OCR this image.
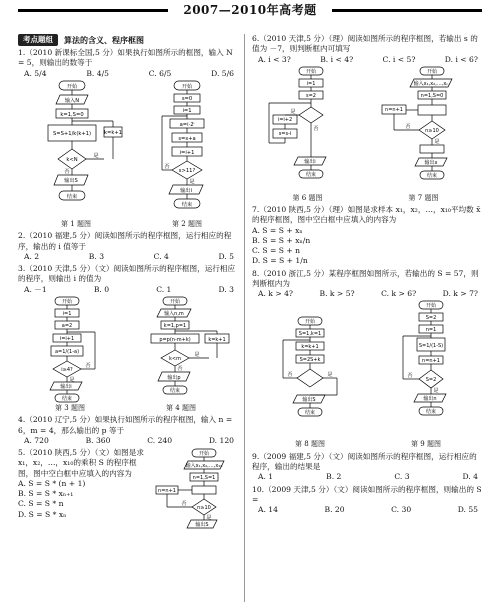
2007—2010年高考题
考点题组	算法的含义、程序框图

1.（2010 新课标全国,5 分）如果执行如图所示的框图，输入 N = 5，则输出的数等于

A. 5/4	B. 4/5	C. 6/5	D. 5/6
开始
输入N
k=1,S=0
S=S+1/k(k+1) k=k+1
k<N
是
否
输出S
结束
第 1 题图
开始
s=0
i=1
a=i·2ⁱ
s=s+a
i=i+1
s>11?
否
是
输出i
结束
第 2 题图

2.（2010 福建,5 分）阅读如图所示的程序框图，运行相应的程序，输出的 i 值等于

A. 2	B. 3	C. 4	D. 5

3.（2010 天津,5 分）（文）阅读如图所示的程序框图，运行相应的程序，则输出 i 的值为

A. －1	B. 0	C. 1	D. 3
开始
i=1
a=2
i=i+1
a=1/(1-a)
i≥4?
否
是
输出i
结束
第 3 题图
开始
输入n,m
k=1,p=1
p=p(n-m+k)	k=k+1
k<m
是
否
输出p
结束
第 4 题图

4.（2010 辽宁,5 分）如果执行如图所示的程序框图，输入 n = 6，m = 4，那么输出的 p 等于

A. 720	B. 360	C. 240	D. 120

5.（2010 陕西,5 分）（文）如图是求 x₁，x₂，…，x₁₀的乘积 S 的程序框图，图中空白框中应填入的内容为

A. S = S * (n + 1)

B. S = S * xₙ₊₁

C. S = S * n

D. S = S * xₙ

开始
输入x₁,x₂,…,x₁₀
n=1,S=1
n=n+1
n≥10
否
是
输出S

6.（2010 天津,5 分）（理）阅读如图所示的程序框图，若输出 s 的值为 －7，则判断框内可填写

A. i < 3?	B. i < 4?	C. i < 5?	D. i < 6?
开始
i=1
s=2
i=i+2
s=s-i
是
否
输出i
结束
第 6 题图
开始
输入x₁,x₂,…,xₙ
n=1,S=0
n=n+1
n≥10
否
是
输出x
结束
第 7 题图

7.（2010 陕西,5 分）（理）如图是求样本 x₁，x₂，…，x₁₀平均数 x̄ 的程序框图，图中空白框中应填入的内容为

A. S = S + xₙ

B. S = S + xₙ/n

C. S = S + n

D. S = S + 1/n

8.（2010 浙江,5 分）某程序框图如图所示，若输出的 S = 57，则判断框内为

A. k > 4?	B. k > 5?	C. k > 6?	D. k > 7?
开始
S=1,k=1
k=k+1
S=2S+k
是
否
输出S
结束
第 8 题图
开始
S=2
n=1
S=1/(1-S)
n=n+1
S=2
是
否
输出n
结束
第 9 题图

9.（2009 福建,5 分）（文）阅读如图所示的程序框图，运行相应的程序，输出的结果是

A. 1	B. 2	C. 3	D. 4

10.（2009 天津,5 分）（文）阅读如图所示的程序框图，则输出的 S =

A. 14	B. 20	C. 30	D. 55
